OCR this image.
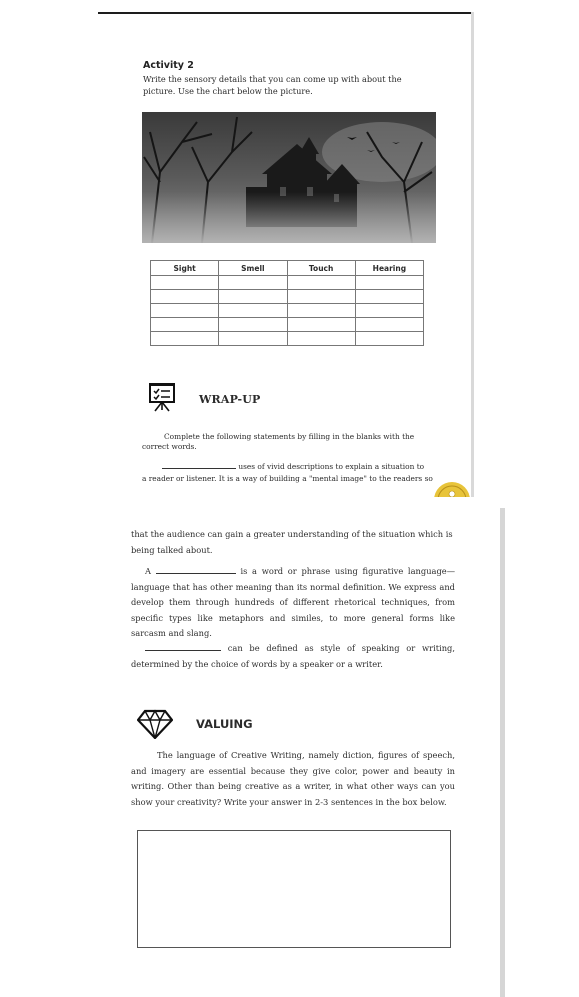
Activity 2
Write the sensory details that you can come up with about the picture. Use the chart below the picture.
Sight	Smell	Touch	Hearing

WRAP-UP
Complete the following statements by filling in the blanks with the
correct words.
uses of vivid descriptions to explain a situation to
a reader or listener. It is a way of building a "mental image" to the readers so
that the audience can gain a greater understanding of the situation which is being talked about.
A	is a word or phrase using figurative language—language that has other meaning than its normal definition. We express and develop them through hundreds of different rhetorical techniques, from specific types like metaphors and similes, to more general forms like sarcasm and slang.
can be defined as style of speaking or writing, determined by the choice of words by a speaker or a writer.
VALUING
The language of Creative Writing, namely diction, figures of speech, and imagery are essential because they give color, power and beauty in writing. Other than being creative as a writer, in what other ways can you show your creativity? Write your answer in 2-3 sentences in the box below.
